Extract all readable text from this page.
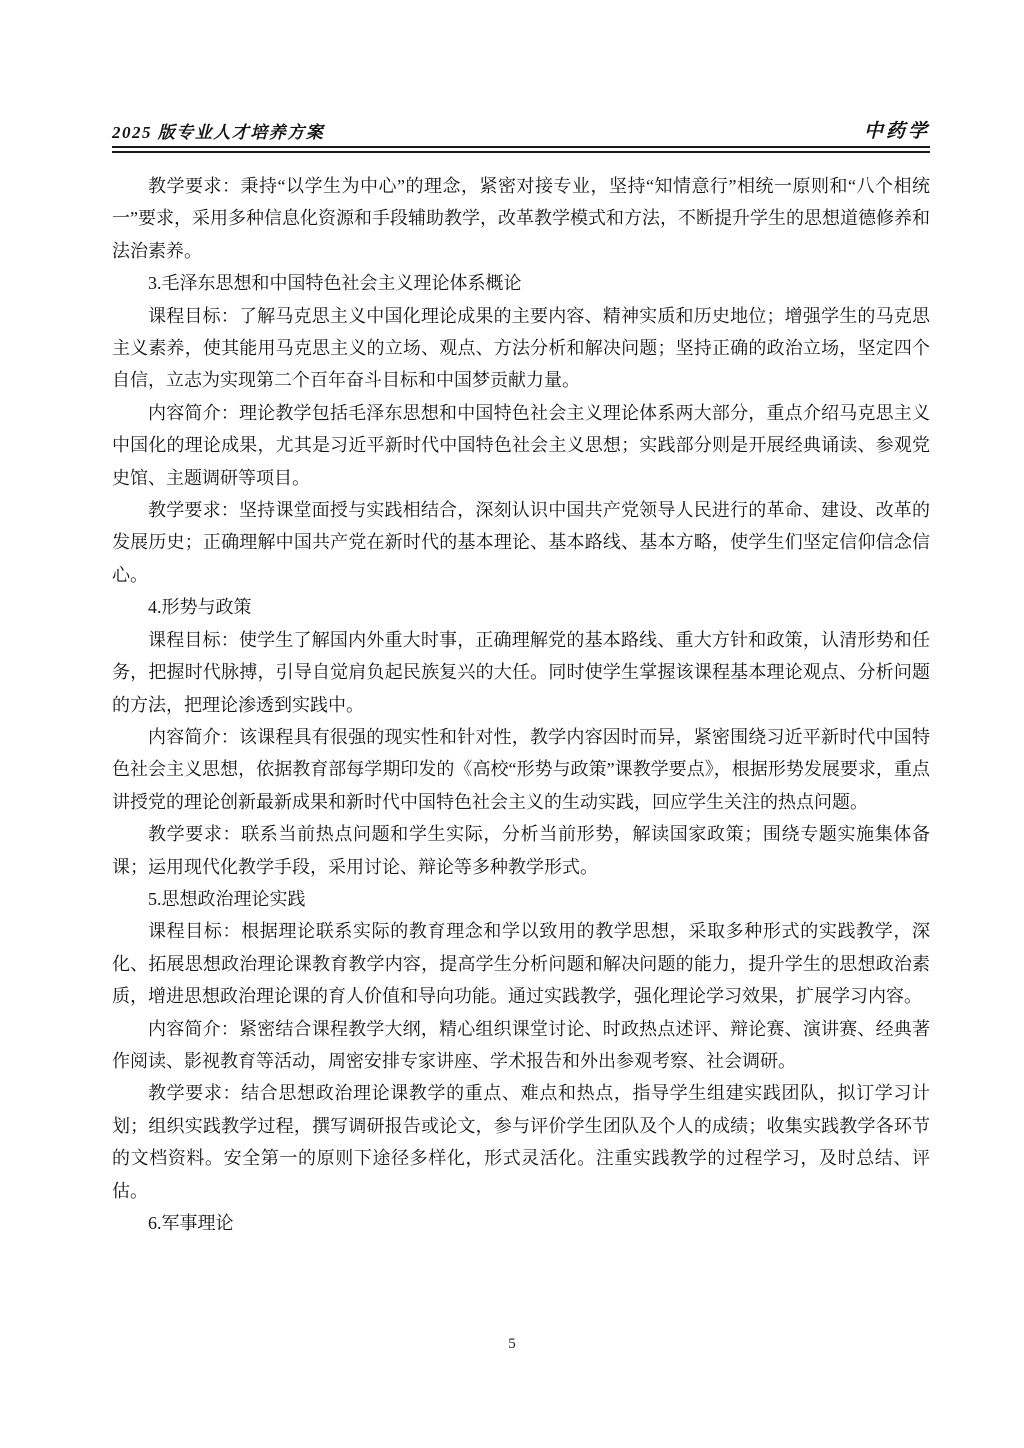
2025 版专业人才培养方案	中药学

教学要求：秉持“以学生为中心”的理念，紧密对接专业，坚持“知情意行”相统一原则和“八个相统一”要求，采用多种信息化资源和手段辅助教学，改革教学模式和方法，不断提升学生的思想道德修养和法治素养。

3.毛泽东思想和中国特色社会主义理论体系概论

课程目标：了解马克思主义中国化理论成果的主要内容、精神实质和历史地位；增强学生的马克思主义素养，使其能用马克思主义的立场、观点、方法分析和解决问题；坚持正确的政治立场，坚定四个自信，立志为实现第二个百年奋斗目标和中国梦贡献力量。

内容简介：理论教学包括毛泽东思想和中国特色社会主义理论体系两大部分，重点介绍马克思主义中国化的理论成果，尤其是习近平新时代中国特色社会主义思想；实践部分则是开展经典诵读、参观党史馆、主题调研等项目。

教学要求：坚持课堂面授与实践相结合，深刻认识中国共产党领导人民进行的革命、建设、改革的发展历史；正确理解中国共产党在新时代的基本理论、基本路线、基本方略，使学生们坚定信仰信念信心。

4.形势与政策

课程目标：使学生了解国内外重大时事，正确理解党的基本路线、重大方针和政策，认清形势和任务，把握时代脉搏，引导自觉肩负起民族复兴的大任。同时使学生掌握该课程基本理论观点、分析问题的方法，把理论渗透到实践中。

内容简介：该课程具有很强的现实性和针对性，教学内容因时而异，紧密围绕习近平新时代中国特色社会主义思想，依据教育部每学期印发的《高校“形势与政策”课教学要点》，根据形势发展要求，重点讲授党的理论创新最新成果和新时代中国特色社会主义的生动实践，回应学生关注的热点问题。

教学要求：联系当前热点问题和学生实际，分析当前形势，解读国家政策；围绕专题实施集体备课；运用现代化教学手段，采用讨论、辩论等多种教学形式。

5.思想政治理论实践

课程目标：根据理论联系实际的教育理念和学以致用的教学思想，采取多种形式的实践教学，深化、拓展思想政治理论课教育教学内容，提高学生分析问题和解决问题的能力，提升学生的思想政治素质，增进思想政治理论课的育人价值和导向功能。通过实践教学，强化理论学习效果，扩展学习内容。

内容简介：紧密结合课程教学大纲，精心组织课堂讨论、时政热点述评、辩论赛、演讲赛、经典著作阅读、影视教育等活动，周密安排专家讲座、学术报告和外出参观考察、社会调研。

教学要求：结合思想政治理论课教学的重点、难点和热点，指导学生组建实践团队，拟订学习计划；组织实践教学过程，撰写调研报告或论文，参与评价学生团队及个人的成绩；收集实践教学各环节的文档资料。安全第一的原则下途径多样化，形式灵活化。注重实践教学的过程学习，及时总结、评估。

6.军事理论

5
